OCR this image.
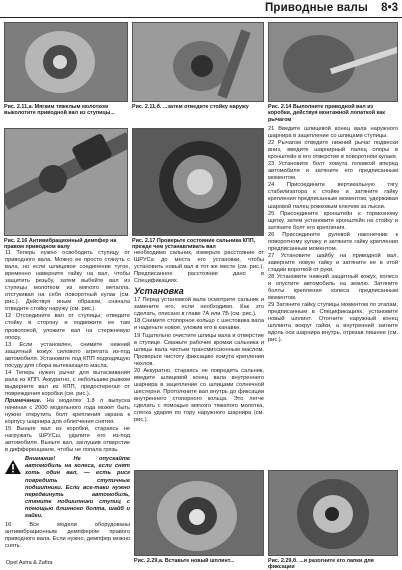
Приводные валы 8•3
Рис. 2.11,а. Мягким тяжелым молотком выколотите приводной вал из ступицы...
Рис. 2.11,б. ...затем отведите стойку наружу	Рис. 2.14 Выполните приводной вал из коробки, действуя монтажной лопаткой как рычагом
Рис. 2.16 Антивибрационный демпфер на правом приводном валу
Рис. 2.17 Проверьте состояние сальника КПП, прежде чем устанавливать вал

11 Теперь нужно освободить ступицу от приводного вала. Можно ее просто стянуть с вала, но если шлицевое соединение тугое, временно наверните гайку на вал, чтобы защитить резьбу, затем выбейте вал из ступицы молотком из мягкого металла, отстукивая на себя поворотный кулак (см. рис.). Действуя иным образом, сначала отведите стойку наружу (см. рис.).

12 Отсоедините вал от ступицы; отведите стойку в сторону и подвяжите ее там проволокой, уложите вал на стержневую опору.

13 Если установлен, снимите нижний защитный кожух силового агрегата из-под автомобиля. Установите под КПП подходящую посуду для сбора вытекающего масла.

14 Теперь нужен рычаг для вытаскивания вала из КПП. Аккуратно, с небольшим рывком выдерните вал из КПП, предостерегая от повреждения коробки (см. рис.).

Примечание. На моделях 1.8 л выпуска начиная с 2000 модельного года может быть нужно открутить болт крепления экрана к корпусу шарнира для облегчения снятия.

15 Выньте вал из коробки, стараясь не нагружать ШРУСы, удалите его из-под автомобиля. Выньте вал, заглушив отверстие в дифференциале, чтобы не попала грязь.

Внимание! Не опускайте автомобиль на колеса, если снят хоть один вал, — есть риск повредить ступичные подшипники. Если все-таки нужно передвинуть автомобиль, стяните подшипники ступиц с помощью длинного болта, шайб и гайки.

16 Все модели оборудованы антивибрационным демпфером правого приводного вала. Если нужно, демпфер можно снять.

необходимо сальник, измерьте расстояние от ШРУСа до места его установки, чтобы установить новый вал в тот же месте (см. рис.). Предписанное расстояние дано в Спецификациях.

Установка

17 Перед установкой вала осмотрите сальник и замените его, если необходимо. Как это сделать, описано в главе 7А или 7Б (см. рис.).

18 Снимите стопорное кольцо с шестовика вала и наденьте новое, уложив его в канавке.

19 Тщательно очистите шлицы вала и отверстие в ступице. Смажьте рабочие кромки сальника и шлицы вала чистым трансмиссионным маслом. Проверьте чистоту фиксацию хомута крепления чехлов.

20 Аккуратно, стараясь не повредить сальник, введите шлицевой конец вала внутреннего шарнира в зацепление со шлицами солнечной шестерни. Протолкните вал внутрь до фиксации внутреннего стопорного кольца. Это легче сделать с помощью мягкого тяжелого молотка, слегка ударяя по тору наружного шарнира (см. рис.).

21 Введите шлицевой конец вала наружного шарнира в зацепление со шлицами ступицы.

22 Рычагом отведите нижний рычаг подвески вниз, введите шарнирный палец опоры в кронштейн в его отверстие в поворотном кулаке.

23 Установите болт хомута головкой вперед автомобиля и затяните его предписанным моментом.

24 Присоедините вертикальную тягу стабилизатора к стойке и затяните гайку крепления предписанным моментом, удерживая шаровой палец рожковым ключом за лыски.

25 Присоедините кронштейн к тормозному щитку, затем установите кронштейн на стойку и затяните болт его крепления.

26 Присоедините рулевой наконечник к поворотному кулаку и затяните гайку крепления предписанным моментом.

27 Установите шайбу на приводной вал, заверните новую гайку и затяните ее в этой стадии вороткой от руки.

28 Установите нижний защитный кожух, колесо и опустите автомобиль на землю. Затяните болты крепления колеса предписанным моментом.

29 Затяните гайку ступицы моментом по этапам, предписанным в Спецификациях, установите новый шплинт. Отогните наружный конец шплинта вокруг гайки, а внутренний загните вдоль оси шарнира внутрь, отрезав лишнее (см. рис.).

Рис. 2.29,а. Вставьте новый шплинт...	Рис. 2.29,б. ...и разогните его лапки для фиксации
Opel Astra & Zafira
